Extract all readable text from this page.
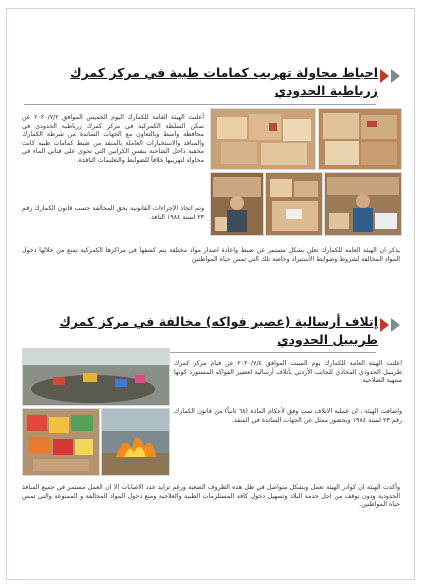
احباط محاولة تهريب كمامات طبية في مركز كمرك
زرباطية الحدودي
أعلنت الهيئة العامة للكمارك اليوم الخميس الموافق ٢٠٢٠/٧/٢ عن تمكن السلطة الكمركية في مركز كمرك زرباطية الحدودي في محافظة واسط وبالتعاون مع الجهات الساندة من شرطة الكمارك والمنافذ والاستخبارات العاملة بالمنفذ من ضبط كمامات طبية كانت مخفية داخل الشاحنة بنفس الكراتين التي تحوي على قناني الماء في محاولة لتهريبها خلافاً للضوابط والتعليمات النافذة.
وتم اتخاذ الإجراءات القانونية بحق المخالفة حسب قانون الكمارك رقم ٢٣ لسنة ١٩٨٤ النافذ.
يذكر ان الهيئة العامة للكمارك تعلن بشكل مستمر عن ضبط واعادة اصدار مواد مختلفة يتم كشفها في مراكزها الكمركية تمنع من خلالها دخول المواد المخالفة لشروط وضوابط الأستيراد وخاصة تلك التي تمس حياة المواطنين
إتلاف أرسالية (عصير فواكه) مخالفة في مركز كمرك
طريبيل الحدودي
اعلنت الهيئة العامة للكمارك يوم السبت الموافق ٢٠٢٠/٧/٤ عن قيام مركز كمرك طريبيل الحدودي المحاذي للجانب الأردني بأتلاف أرسالية لعصير الفواكه المستورد كونها منتهية الصلاحية.
واضافت الهيئة ، ان عملية الاتلاف تمت وفق لأحكام المادة (٦٨ ثانياً) من قانون الكمارك رقم ٢٣ لسنة ١٩٨٤ وبحضور ممثل عن الجهات الساندة في المنفذ.
وأكدت الهيئة ان كوادر الهيئة تعمل وبشكل متواصل في ظل هذه الظروف الصعبة ورغم تزايد عدد الاصابات الا ان العمل مستمر في جميع المنافذ الحدودية ودون توقف من اجل خدمة البلاد وتسهيل دخول كافة المستلزمات الطبية والعلاجية ومنع دخول المواد المخالفة و الممنوعة والتي تمس حياة المواطنين.
